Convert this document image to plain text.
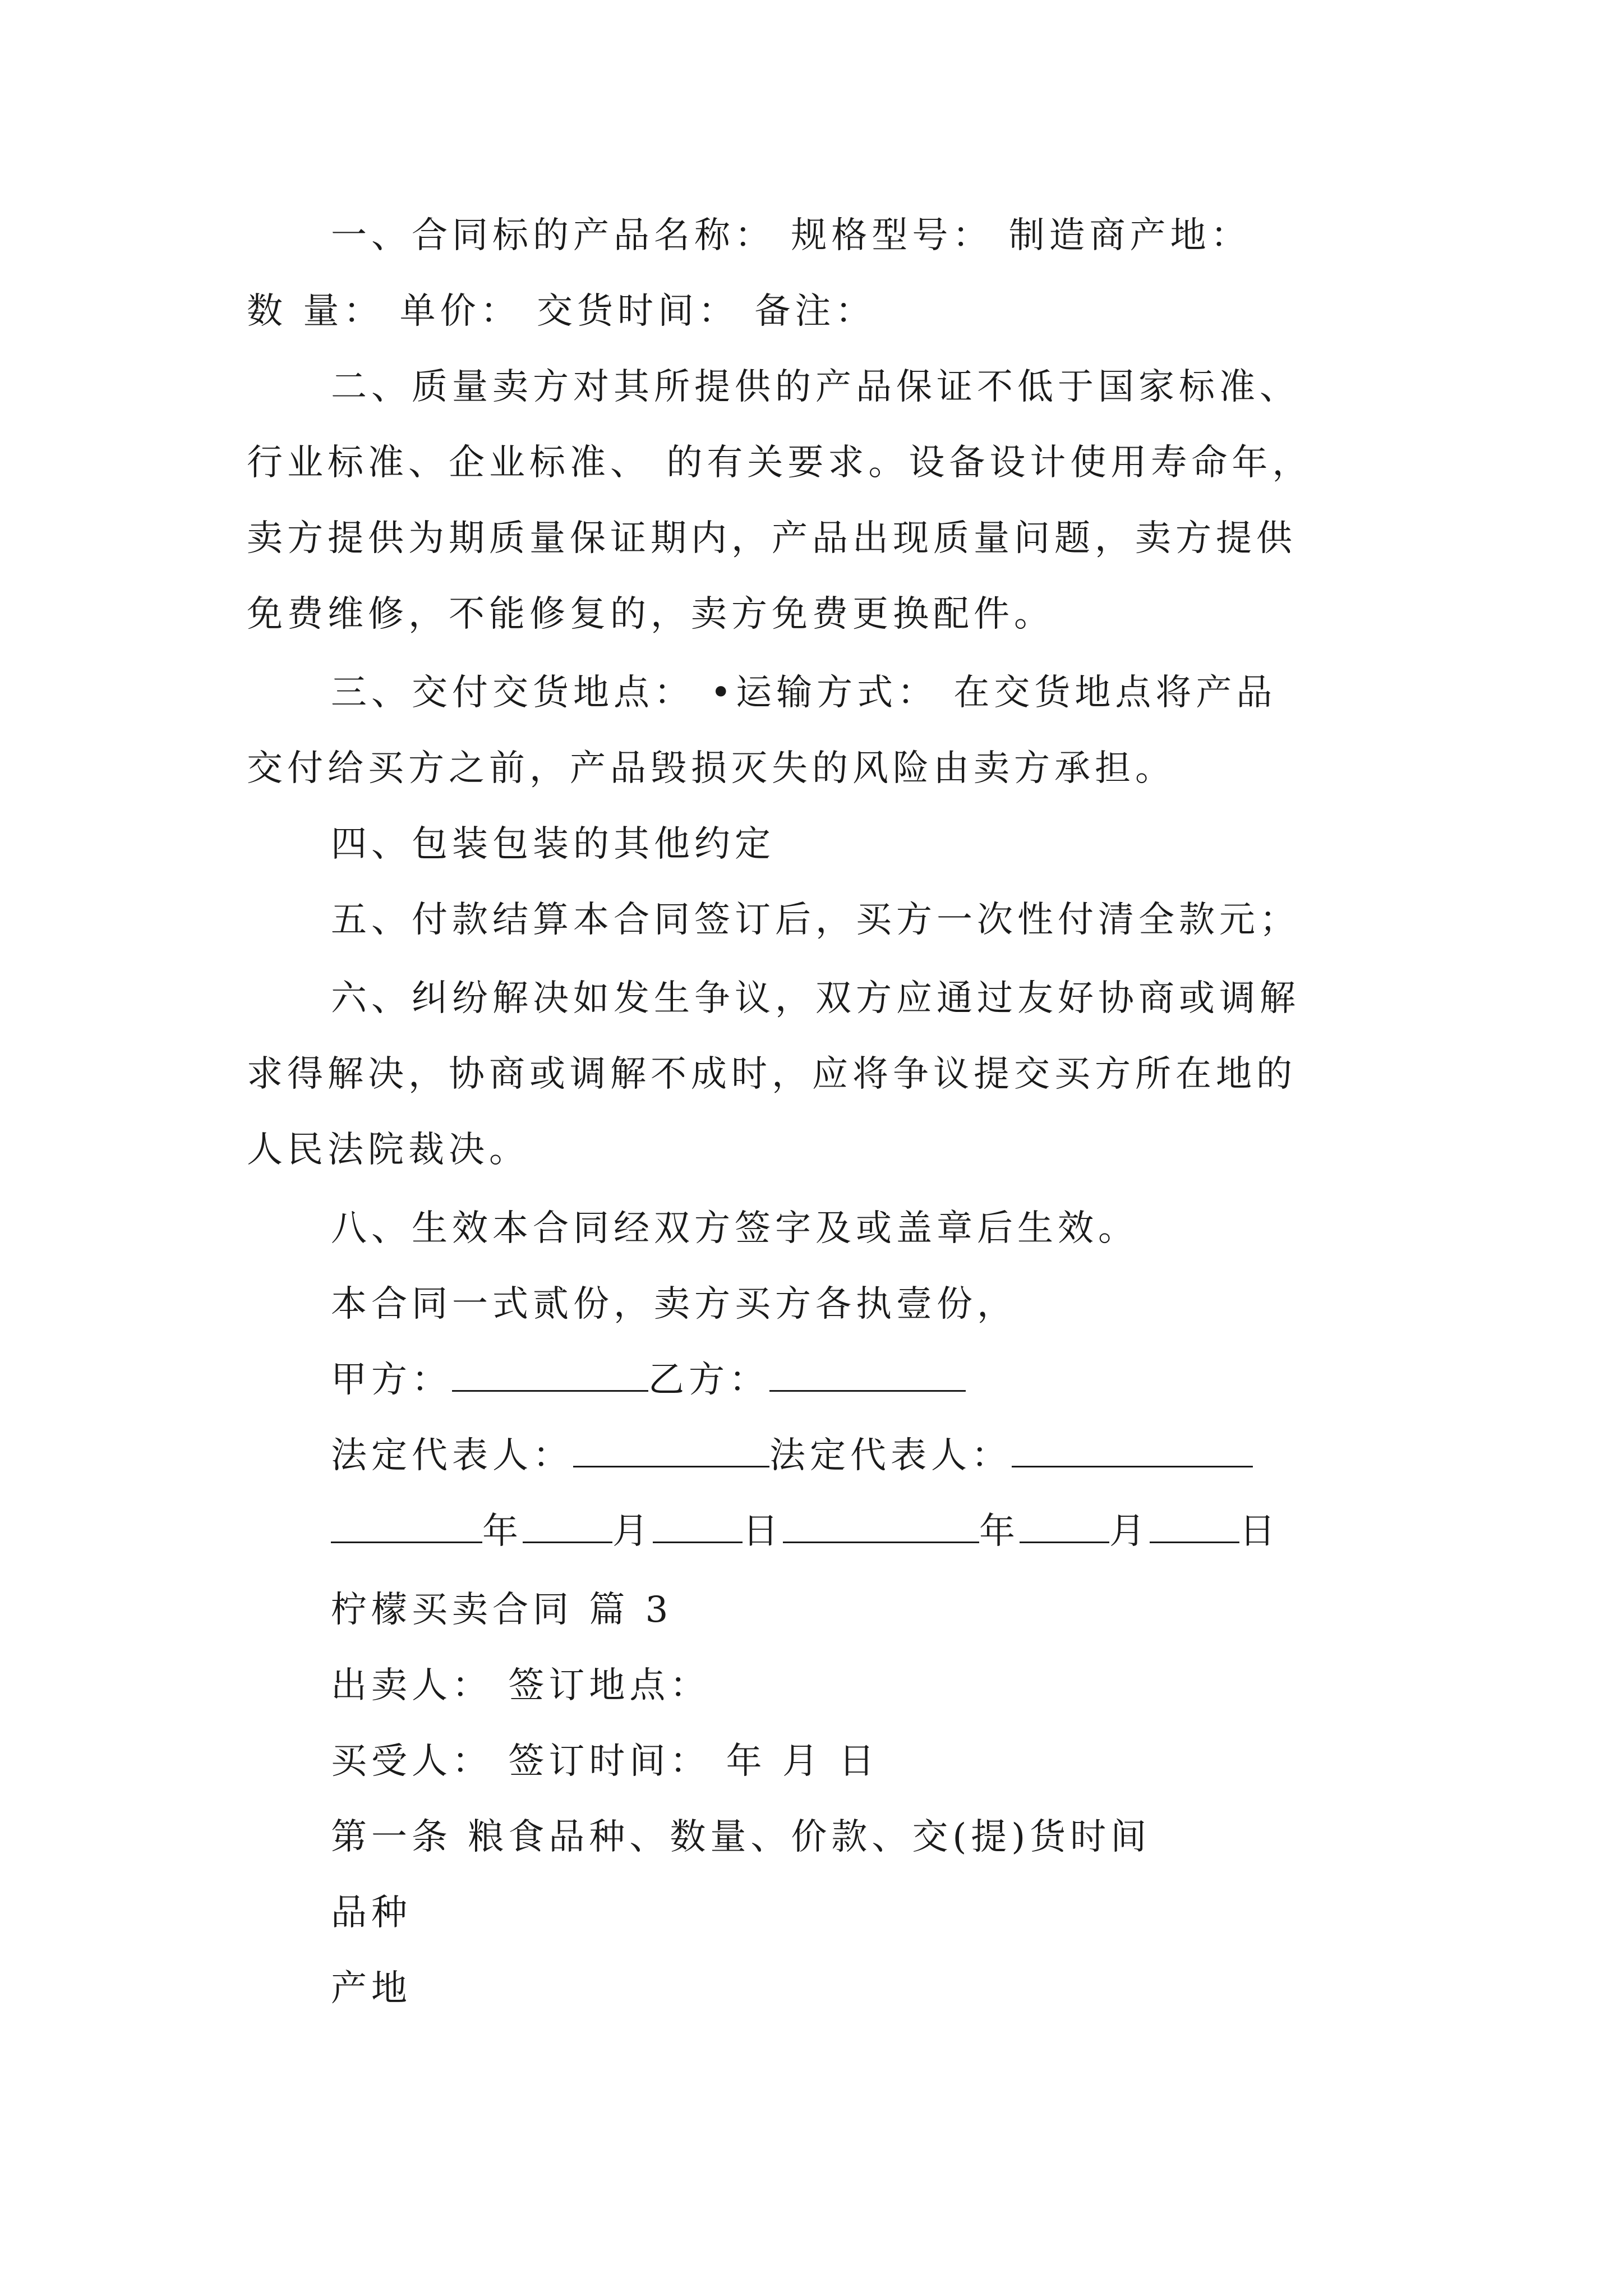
一、合同标的产品名称： 规格型号： 制造商产地：
数 量： 单价： 交货时间： 备注：
二、质量卖方对其所提供的产品保证不低于国家标准、
行业标准、企业标准、 的有关要求。设备设计使用寿命年，
卖方提供为期质量保证期内，产品出现质量问题，卖方提供
免费维修，不能修复的，卖方免费更换配件。
三、交付交货地点： •运输方式： 在交货地点将产品
交付给买方之前，产品毁损灭失的风险由卖方承担。
四、包装包装的其他约定
五、付款结算本合同签订后，买方一次性付清全款元；
六、纠纷解决如发生争议，双方应通过友好协商或调解
求得解决，协商或调解不成时，应将争议提交买方所在地的
人民法院裁决。
八、生效本合同经双方签字及或盖章后生效。
本合同一式贰份，卖方买方各执壹份，
甲方：	乙方：
法定代表人：	法定代表人：
年	月	日	年	月	日
柠檬买卖合同 篇 3
出卖人： 签订地点：
买受人： 签订时间： 年 月 日
第一条 粮食品种、数量、价款、交(提)货时间
品种
产地
